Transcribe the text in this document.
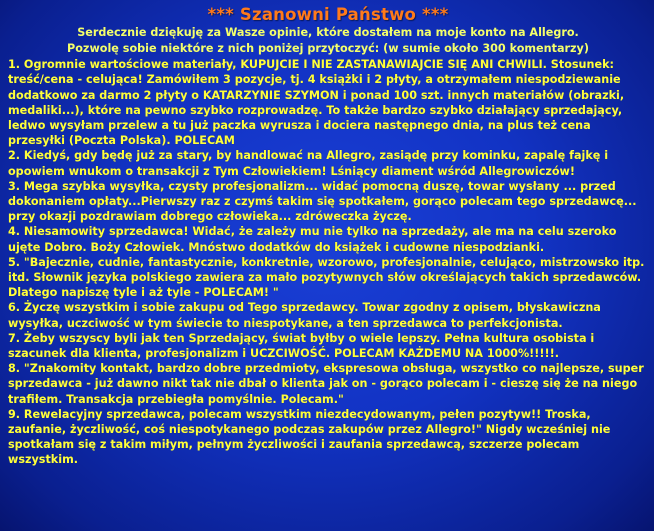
*** Szanowni Państwo ***
Serdecznie dziękuję za Wasze opinie, które dostałem na moje konto na Allegro.
Pozwolę sobie niektóre z nich poniżej przytoczyć: (w sumie około 300 komentarzy)
1. Ogromnie wartościowe materiały, KUPUJCIE I NIE ZASTANAWIAJCIE SIĘ ANI CHWILI. Stosunek: treść/cena - celująca! Zamówiłem 3 pozycje, tj. 4 książki i 2 płyty, a otrzymałem niespodziewanie dodatkowo za darmo 2 płyty o KATARZYNIE SZYMON i ponad 100 szt. innych materiałów (obrazki, medaliki...), które na pewno szybko rozprowadzę. To także bardzo szybko działający sprzedający, ledwo wysyłam przelew a tu już paczka wyrusza i dociera następnego dnia, na plus też cena przesyłki (Poczta Polska). POLECAM
2. Kiedyś, gdy będę już za stary, by handlować na Allegro, zasiądę przy kominku, zapalę fajkę i opowiem wnukom o transakcji z Tym Człowiekiem! Lśniący diament wśród Allegrowiczów!
3. Mega szybka wysyłka, czysty profesjonalizm... widać pomocną duszę, towar wysłany ... przed dokonaniem opłaty...Pierwszy raz z czymś takim się spotkałem, gorąco polecam tego sprzedawcę... przy okazji pozdrawiam dobrego człowieka... zdróweczka życzę.
4. Niesamowity sprzedawca! Widać, że zależy mu nie tylko na sprzedaży, ale ma na celu szeroko ujęte Dobro. Boży Człowiek. Mnóstwo dodatków do książek i cudowne niespodzianki.
5. "Bajecznie, cudnie, fantastycznie, konkretnie, wzorowo, profesjonalnie, celująco, mistrzowsko itp. itd. Słownik języka polskiego zawiera za mało pozytywnych słów określających takich sprzedawców. Dlatego napiszę tyle i aż tyle - POLECAM! "
6. Życzę wszystkim i sobie zakupu od Tego sprzedawcy. Towar zgodny z opisem, błyskawiczna wysyłka, uczciwość w tym świecie to niespotykane, a ten sprzedawca to perfekcjonista.
7. Żeby wszyscy byli jak ten Sprzedający, świat byłby o wiele lepszy. Pełna kultura osobista i szacunek dla klienta, profesjonalizm i UCZCIWOŚĆ. POLECAM KAŻDEMU NA 1000%!!!!!.
8. "Znakomity kontakt, bardzo dobre przedmioty, ekspresowa obsługa, wszystko co najlepsze, super sprzedawca - już dawno nikt tak nie dbał o klienta jak on - gorąco polecam i - cieszę się że na niego trafiłem. Transakcja przebiegła pomyślnie. Polecam."
9. Rewelacyjny sprzedawca, polecam wszystkim niezdecydowanym, pełen pozytyw!! Troska, zaufanie, życzliwość, coś niespotykanego podczas zakupów przez Allegro!" Nigdy wcześniej nie spotkałam się z takim miłym, pełnym życzliwości i zaufania sprzedawcą, szczerze polecam wszystkim.
